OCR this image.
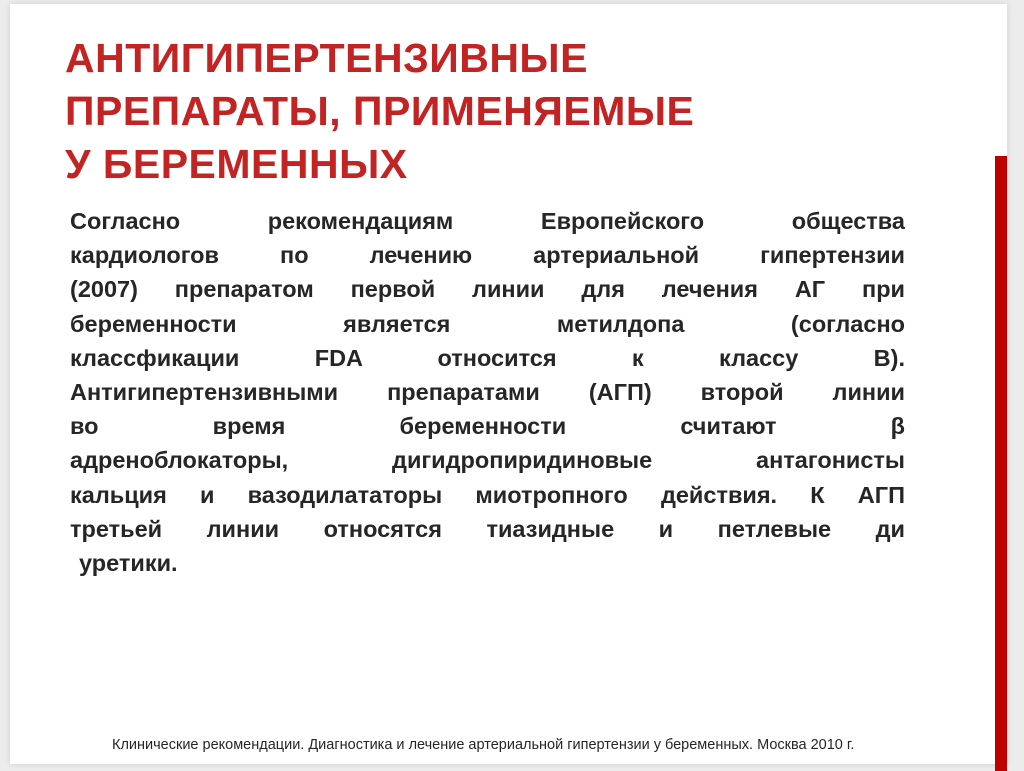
АНТИГИПЕРТЕНЗИВНЫЕ
ПРЕПАРАТЫ, ПРИМЕНЯЕМЫЕ
У БЕРЕМЕННЫХ
Согласно рекомендациям Европейского общества
кардиологов по лечению артериальной гипертензии
(2007) препаратом первой линии для лечения АГ при
беременности является метилдопа (согласно
классфикации FDA относится к классу В).
Антигипертензивными препаратами (АГП) второй линии
во время беременности считают β
адреноблокаторы, дигидропиридиновые антагонисты
кальция и вазодилататоры миотропного действия. К АГП
третьей линии относятся тиазидные и петлевые ди
уретики.

Клинические рекомендации. Диагностика и лечение артериальной гипертензии у беременных. Москва 2010 г.
